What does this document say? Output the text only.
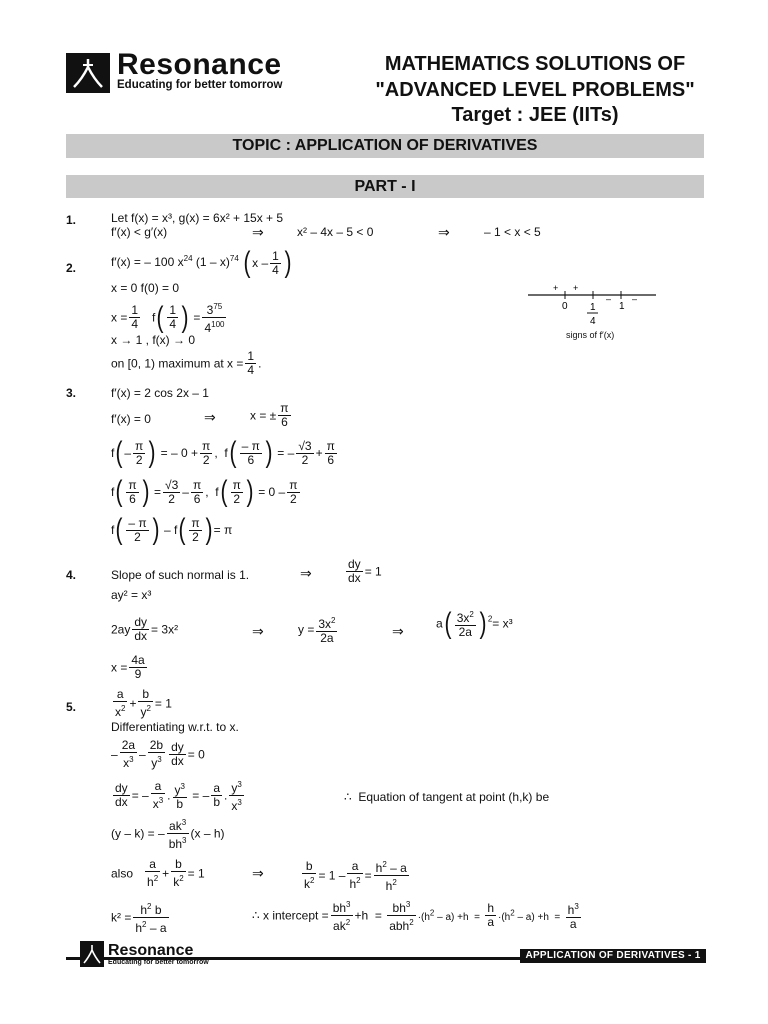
Resonance
Educating for better tomorrow
MATHEMATICS SOLUTIONS OF
"ADVANCED LEVEL PROBLEMS"
Target : JEE (IITs)
TOPIC : APPLICATION OF DERIVATIVES
PART - I
1.	Let f(x) = x³, g(x) = 6x² + 15x + 5
f′(x) < g′(x)	⇒	x² – 4x – 5 < 0	⇒	– 1 < x < 5
2.	f′(x) = – 100 $x^{24}$ (1 – x)$^{74}$ ( x – $\frac{1}{4}$ )
x = 0 f(0) = 0
$x = \frac{1}{4} f( \frac{1}{4}$ ) = $\frac{3^{75}}{4^{100}}$
x → 1 , f(x) → 0
on [0, 1) maximum at $x = \frac{1}{4}$ .
+ +
– –
0	1
1
4
signs of f′(x)
3.	f′(x) = 2 cos 2x – 1
f′(x) = 0	⇒	x = ± $\frac{\pi}{6}$
$f( - \frac{\pi}{2}$ ) = – $0 + \frac{\pi}{2}$ ,  $f( \frac{- \pi}{6}$ ) = – $\frac{√3}{2} + \frac{\pi}{6}$
$f( \frac{\pi}{6}$ ) = $\frac{√3}{2} - \frac{\pi}{6}$ ,  $f( \frac{\pi}{2}$ ) = $0 - \frac{\pi}{2}$
$f( \frac{- \pi}{2}$ ) – $f( \frac{\pi}{2}$ ) = π
4.	Slope of such normal is 1.	⇒	$\frac{dy}{dx} = 1$
ay² = x³
$2ay \frac{dy}{dx} = 3x^2$	⇒	$y = \frac{3x^2}{2a}$	⇒	$a( \frac{3x^2}{2a}$ ) $^2$= x³
$x = \frac{4a}{9}$
5.	$\frac{a}{x^2} + \frac{b}{y^2} = 1$
Differentiating w.r.t. to x.
– $\frac{2a}{x^3} - \frac{2b}{y^3} \frac{dy}{dx} = 0$
$\frac{dy}{dx}$ = – $\frac{a}{x^3}$ . $\frac{y^3}{b}$ = – $\frac{a}{b}$ . $\frac{y^3}{x^3}$	∴ Equation of tangent at point (h,k) be
(y – k) = – $\frac{ak^3}{bh^3} (x - h)$
also $\frac{a}{h^2} + \frac{b}{k^2} = 1$	⇒	$\frac{b}{k^2} = 1 - \frac{a}{h^2} = \frac{h^2 - a}{h^2}$
$k^2 = \frac{h^2 b}{h^2 - a}$	∴ x intercept = $\frac{bh^3}{ak^2} +h = \frac{bh^3}{abh^2} \cdot(h^2 - a) +h = \frac{h}{a} \cdot(h^2 - a) +h = \frac{h^3}{a}$
Resonance
Educating for better tomorrow
APPLICATION OF DERIVATIVES - 1
